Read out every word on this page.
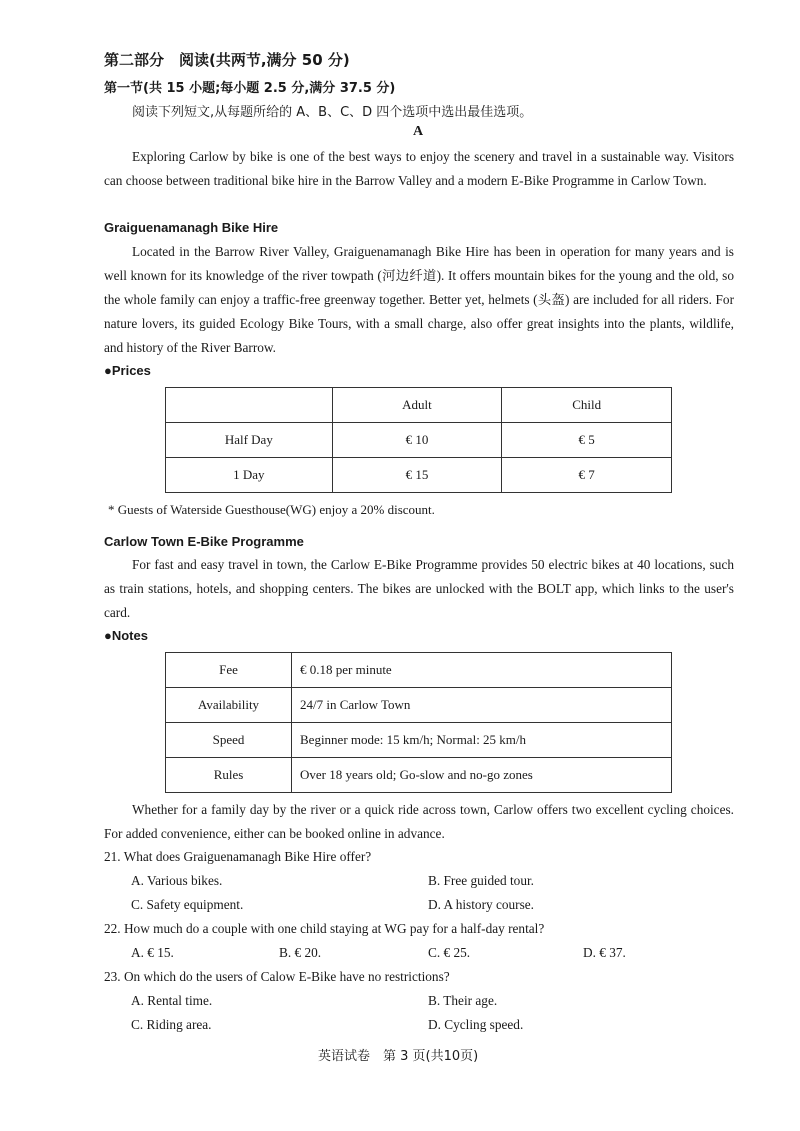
第二部分　阅读(共两节,满分 50 分)
第一节(共 15 小题;每小题 2.5 分,满分 37.5 分)
阅读下列短文,从每题所给的 A、B、C、D 四个选项中选出最佳选项。
A
Exploring Carlow by bike is one of the best ways to enjoy the scenery and travel in a sustainable way. Visitors can choose between traditional bike hire in the Barrow Valley and a modern E-Bike Programme in Carlow Town.
Graiguenamanagh Bike Hire
Located in the Barrow River Valley, Graiguenamanagh Bike Hire has been in operation for many years and is well known for its knowledge of the river towpath (河边纤道). It offers mountain bikes for the young and the old, so the whole family can enjoy a traffic-free greenway together. Better yet, helmets (头盔) are included for all riders. For nature lovers, its guided Ecology Bike Tours, with a small charge, also offer great insights into the plants, wildlife, and history of the River Barrow.
●Prices
	Adult	Child
Half Day	€ 10	€ 5
1 Day	€ 15	€ 7
* Guests of Waterside Guesthouse(WG) enjoy a 20% discount.
Carlow Town E-Bike Programme
For fast and easy travel in town, the Carlow E-Bike Programme provides 50 electric bikes at 40 locations, such as train stations, hotels, and shopping centers. The bikes are unlocked with the BOLT app, which links to the user's card.
●Notes
Fee	€ 0.18 per minute
Availability	24/7 in Carlow Town
Speed	Beginner mode: 15 km/h; Normal: 25 km/h
Rules	Over 18 years old; Go-slow and no-go zones
Whether for a family day by the river or a quick ride across town, Carlow offers two excellent cycling choices. For added convenience, either can be booked online in advance.
21. What does Graiguenamanagh Bike Hire offer?
A. Various bikes.	B. Free guided tour.
C. Safety equipment.	D. A history course.
22. How much do a couple with one child staying at WG pay for a half-day rental?
A. € 15.	B. € 20.	C. € 25.	D. € 37.
23. On which do the users of Calow E-Bike have no restrictions?
A. Rental time.	B. Their age.
C. Riding area.	D. Cycling speed.
英语试卷　第 3 页(共10页)
